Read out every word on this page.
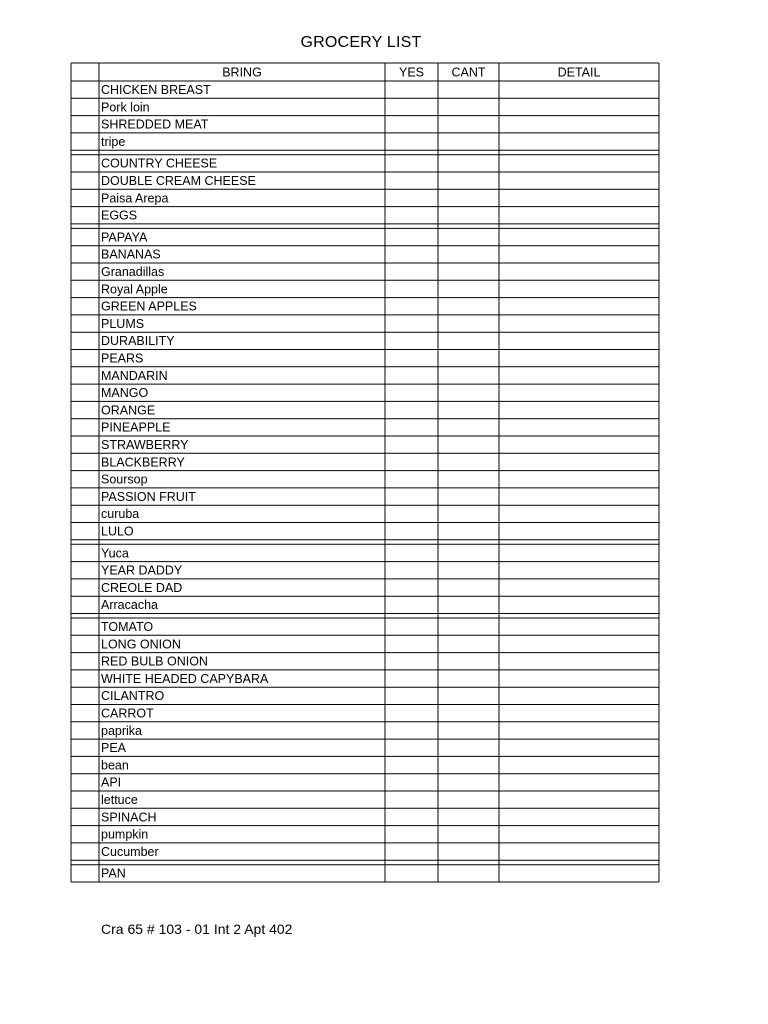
GROCERY LIST
BRING	YES CANT	DETAIL
CHICKEN BREAST
Pork loin
SHREDDED MEAT
tripe
COUNTRY CHEESE
DOUBLE CREAM CHEESE
Paisa Arepa
EGGS
PAPAYA
BANANAS
Granadillas
Royal Apple
GREEN APPLES
PLUMS
DURABILITY
PEARS
MANDARIN
MANGO
ORANGE
PINEAPPLE
STRAWBERRY
BLACKBERRY
Soursop
PASSION FRUIT
curuba
LULO
Yuca
YEAR DADDY
CREOLE DAD
Arracacha
TOMATO
LONG ONION
RED BULB ONION
WHITE HEADED CAPYBARA
CILANTRO
CARROT
paprika
PEA
bean
API
lettuce
SPINACH
pumpkin
Cucumber
PAN
Cra 65 # 103 - 01 Int 2 Apt 402
